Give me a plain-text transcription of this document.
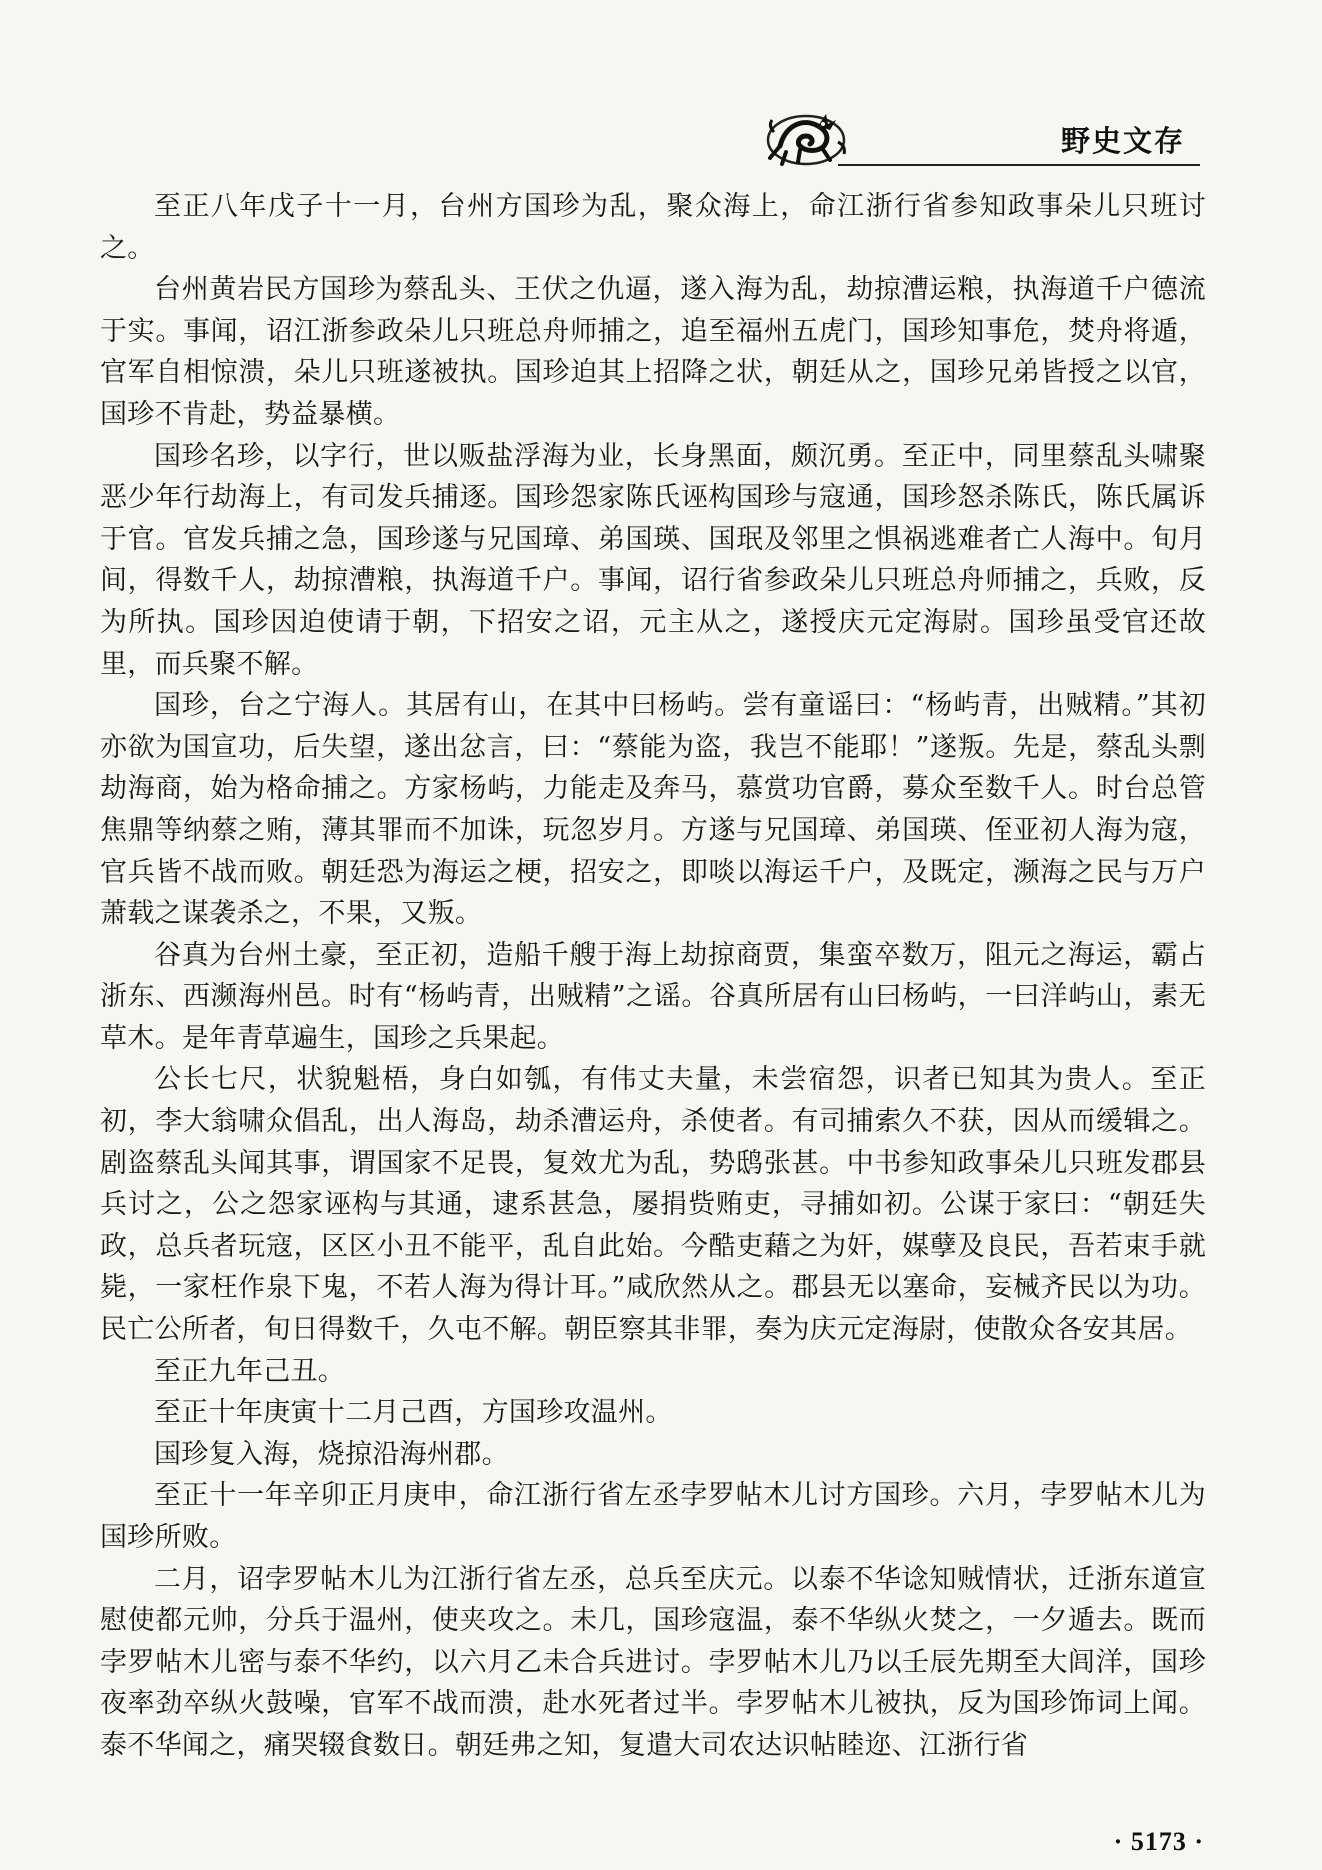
野史文存

至正八年戊子十一月，台州方国珍为乱，聚众海上，命江浙行省参知政事朵儿只班讨之。

台州黄岩民方国珍为蔡乱头、王伏之仇逼，遂入海为乱，劫掠漕运粮，执海道千户德流于实。事闻，诏江浙参政朵儿只班总舟师捕之，追至福州五虎门，国珍知事危，焚舟将遁，官军自相惊溃，朵儿只班遂被执。国珍迫其上招降之状，朝廷从之，国珍兄弟皆授之以官，国珍不肯赴，势益暴横。

国珍名珍，以字行，世以贩盐浮海为业，长身黑面，颇沉勇。至正中，同里蔡乱头啸聚恶少年行劫海上，有司发兵捕逐。国珍怨家陈氏诬构国珍与寇通，国珍怒杀陈氏，陈氏属诉于官。官发兵捕之急，国珍遂与兄国璋、弟国瑛、国珉及邻里之惧祸逃难者亡人海中。旬月间，得数千人，劫掠漕粮，执海道千户。事闻，诏行省参政朵儿只班总舟师捕之，兵败，反为所执。国珍因迫使请于朝，下招安之诏，元主从之，遂授庆元定海尉。国珍虽受官还故里，而兵聚不解。

国珍，台之宁海人。其居有山，在其中曰杨屿。尝有童谣曰：“杨屿青，出贼精。”其初亦欲为国宣功，后失望，遂出忿言，曰：“蔡能为盗，我岂不能耶！”遂叛。先是，蔡乱头剽劫海商，始为格命捕之。方家杨屿，力能走及奔马，慕赏功官爵，募众至数千人。时台总管焦鼎等纳蔡之贿，薄其罪而不加诛，玩忽岁月。方遂与兄国璋、弟国瑛、侄亚初人海为寇，官兵皆不战而败。朝廷恐为海运之梗，招安之，即啖以海运千户，及既定，濒海之民与万户萧载之谋袭杀之，不果，又叛。

谷真为台州土豪，至正初，造船千艘于海上劫掠商贾，集蛮卒数万，阻元之海运，霸占浙东、西濒海州邑。时有“杨屿青，出贼精”之谣。谷真所居有山曰杨屿，一曰洋屿山，素无草木。是年青草遍生，国珍之兵果起。

公长七尺，状貌魁梧，身白如瓠，有伟丈夫量，未尝宿怨，识者已知其为贵人。至正初，李大翁啸众倡乱，出人海岛，劫杀漕运舟，杀使者。有司捕索久不获，因从而缓辑之。剧盗蔡乱头闻其事，谓国家不足畏，复效尤为乱，势鸱张甚。中书参知政事朵儿只班发郡县兵讨之，公之怨家诬构与其通，逮系甚急，屡捐赀贿吏，寻捕如初。公谋于家曰：“朝廷失政，总兵者玩寇，区区小丑不能平，乱自此始。今酷吏藉之为奸，媒孽及良民，吾若束手就毙，一家枉作泉下鬼，不若人海为得计耳。”咸欣然从之。郡县无以塞命，妄械齐民以为功。民亡公所者，旬日得数千，久屯不解。朝臣察其非罪，奏为庆元定海尉，使散众各安其居。

至正九年己丑。

至正十年庚寅十二月己酉，方国珍攻温州。

国珍复入海，烧掠沿海州郡。

至正十一年辛卯正月庚申，命江浙行省左丞孛罗帖木儿讨方国珍。六月，孛罗帖木儿为国珍所败。

二月，诏孛罗帖木儿为江浙行省左丞，总兵至庆元。以泰不华谂知贼情状，迁浙东道宣慰使都元帅，分兵于温州，使夹攻之。未几，国珍寇温，泰不华纵火焚之，一夕遁去。既而孛罗帖木儿密与泰不华约，以六月乙未合兵进讨。孛罗帖木儿乃以壬辰先期至大闾洋，国珍夜率劲卒纵火鼓噪，官军不战而溃，赴水死者过半。孛罗帖木儿被执，反为国珍饰词上闻。泰不华闻之，痛哭辍食数日。朝廷弗之知，复遣大司农达识帖睦迩、江浙行省

· 5173 ·
